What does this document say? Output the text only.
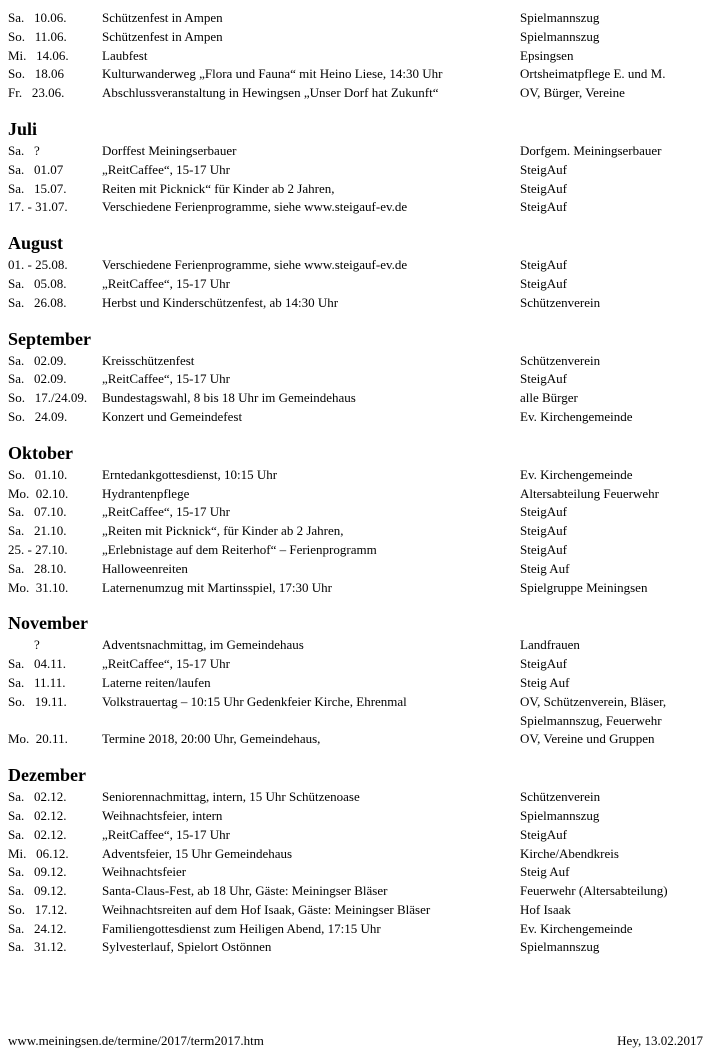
Sa.   10.06.	Schützenfest in Ampen	Spielmannszug
So.   11.06.	Schützenfest in Ampen	Spielmannszug
Mi.   14.06.	Laubfest	Epsingsen
So.   18.06	Kulturwanderweg „Flora und Fauna“ mit Heino Liese, 14:30 Uhr	Ortsheimatpflege E. und M.
Fr.   23.06.	Abschlussveranstaltung in Hewingsen „Unser Dorf hat Zukunft“	OV, Bürger, Vereine
Juli
Sa.   ?	Dorffest Meiningserbauer	Dorfgem. Meiningserbauer
Sa.   01.07	„ReitCaffee“, 15-17 Uhr	SteigAuf
Sa.   15.07.	Reiten mit Picknick“ für Kinder ab 2 Jahren,	SteigAuf
17. - 31.07.	Verschiedene Ferienprogramme, siehe www.steigauf-ev.de	SteigAuf
August
01. - 25.08.	Verschiedene Ferienprogramme, siehe www.steigauf-ev.de	SteigAuf
Sa.   05.08.	„ReitCaffee“, 15-17 Uhr	SteigAuf
Sa.   26.08.	Herbst und Kinderschützenfest, ab 14:30 Uhr	Schützenverein
September
Sa.   02.09.	Kreisschützenfest	Schützenverein
Sa.   02.09.	„ReitCaffee“, 15-17 Uhr	SteigAuf
So.   17./24.09. Bundestagswahl, 8 bis 18 Uhr im Gemeindehaus	alle Bürger
So.   24.09.	Konzert und Gemeindefest	Ev. Kirchengemeinde
Oktober
So.   01.10.	Erntedankgottesdienst, 10:15 Uhr	Ev. Kirchengemeinde
Mo.  02.10.	Hydrantenpflege	Altersabteilung Feuerwehr
Sa.   07.10.	„ReitCaffee“, 15-17 Uhr	SteigAuf
Sa.   21.10.	„Reiten mit Picknick“, für Kinder ab 2 Jahren,	SteigAuf
25. - 27.10.	„Erlebnistage auf dem Reiterhof“ – Ferienprogramm	SteigAuf
Sa.   28.10.	Halloweenreiten	Steig Auf
Mo.  31.10.	Laternenumzug mit Martinsspiel, 17:30 Uhr	Spielgruppe Meiningsen
November
?	Adventsnachmittag, im Gemeindehaus	Landfrauen
Sa.   04.11.	„ReitCaffee“, 15-17 Uhr	SteigAuf
Sa.   11.11.	Laterne reiten/laufen	Steig Auf
So.   19.11.	Volkstrauertag – 10:15 Uhr Gedenkfeier Kirche, Ehrenmal	OV, Schützenverein, Bläser,
Spielmannszug, Feuerwehr
Mo.  20.11.	Termine 2018, 20:00 Uhr, Gemeindehaus,	OV, Vereine und Gruppen
Dezember
Sa.   02.12.	Seniorennachmittag, intern, 15 Uhr Schützenoase	Schützenverein
Sa.   02.12.	Weihnachtsfeier, intern	Spielmannszug
Sa.   02.12.	„ReitCaffee“, 15-17 Uhr	SteigAuf
Mi.   06.12.	Adventsfeier, 15 Uhr Gemeindehaus	Kirche/Abendkreis
Sa.   09.12.	Weihnachtsfeier	Steig Auf
Sa.   09.12.	Santa-Claus-Fest, ab 18 Uhr, Gäste: Meiningser Bläser	Feuerwehr (Altersabteilung)
So.   17.12.	Weihnachtsreiten auf dem Hof Isaak, Gäste: Meiningser Bläser	Hof Isaak
Sa.   24.12.	Familiengottesdienst zum Heiligen Abend, 17:15 Uhr	Ev. Kirchengemeinde
Sa.   31.12.	Sylvesterlauf, Spielort Ostönnen	Spielmannszug
www.meiningsen.de/termine/2017/term2017.htm	Hey, 13.02.2017
